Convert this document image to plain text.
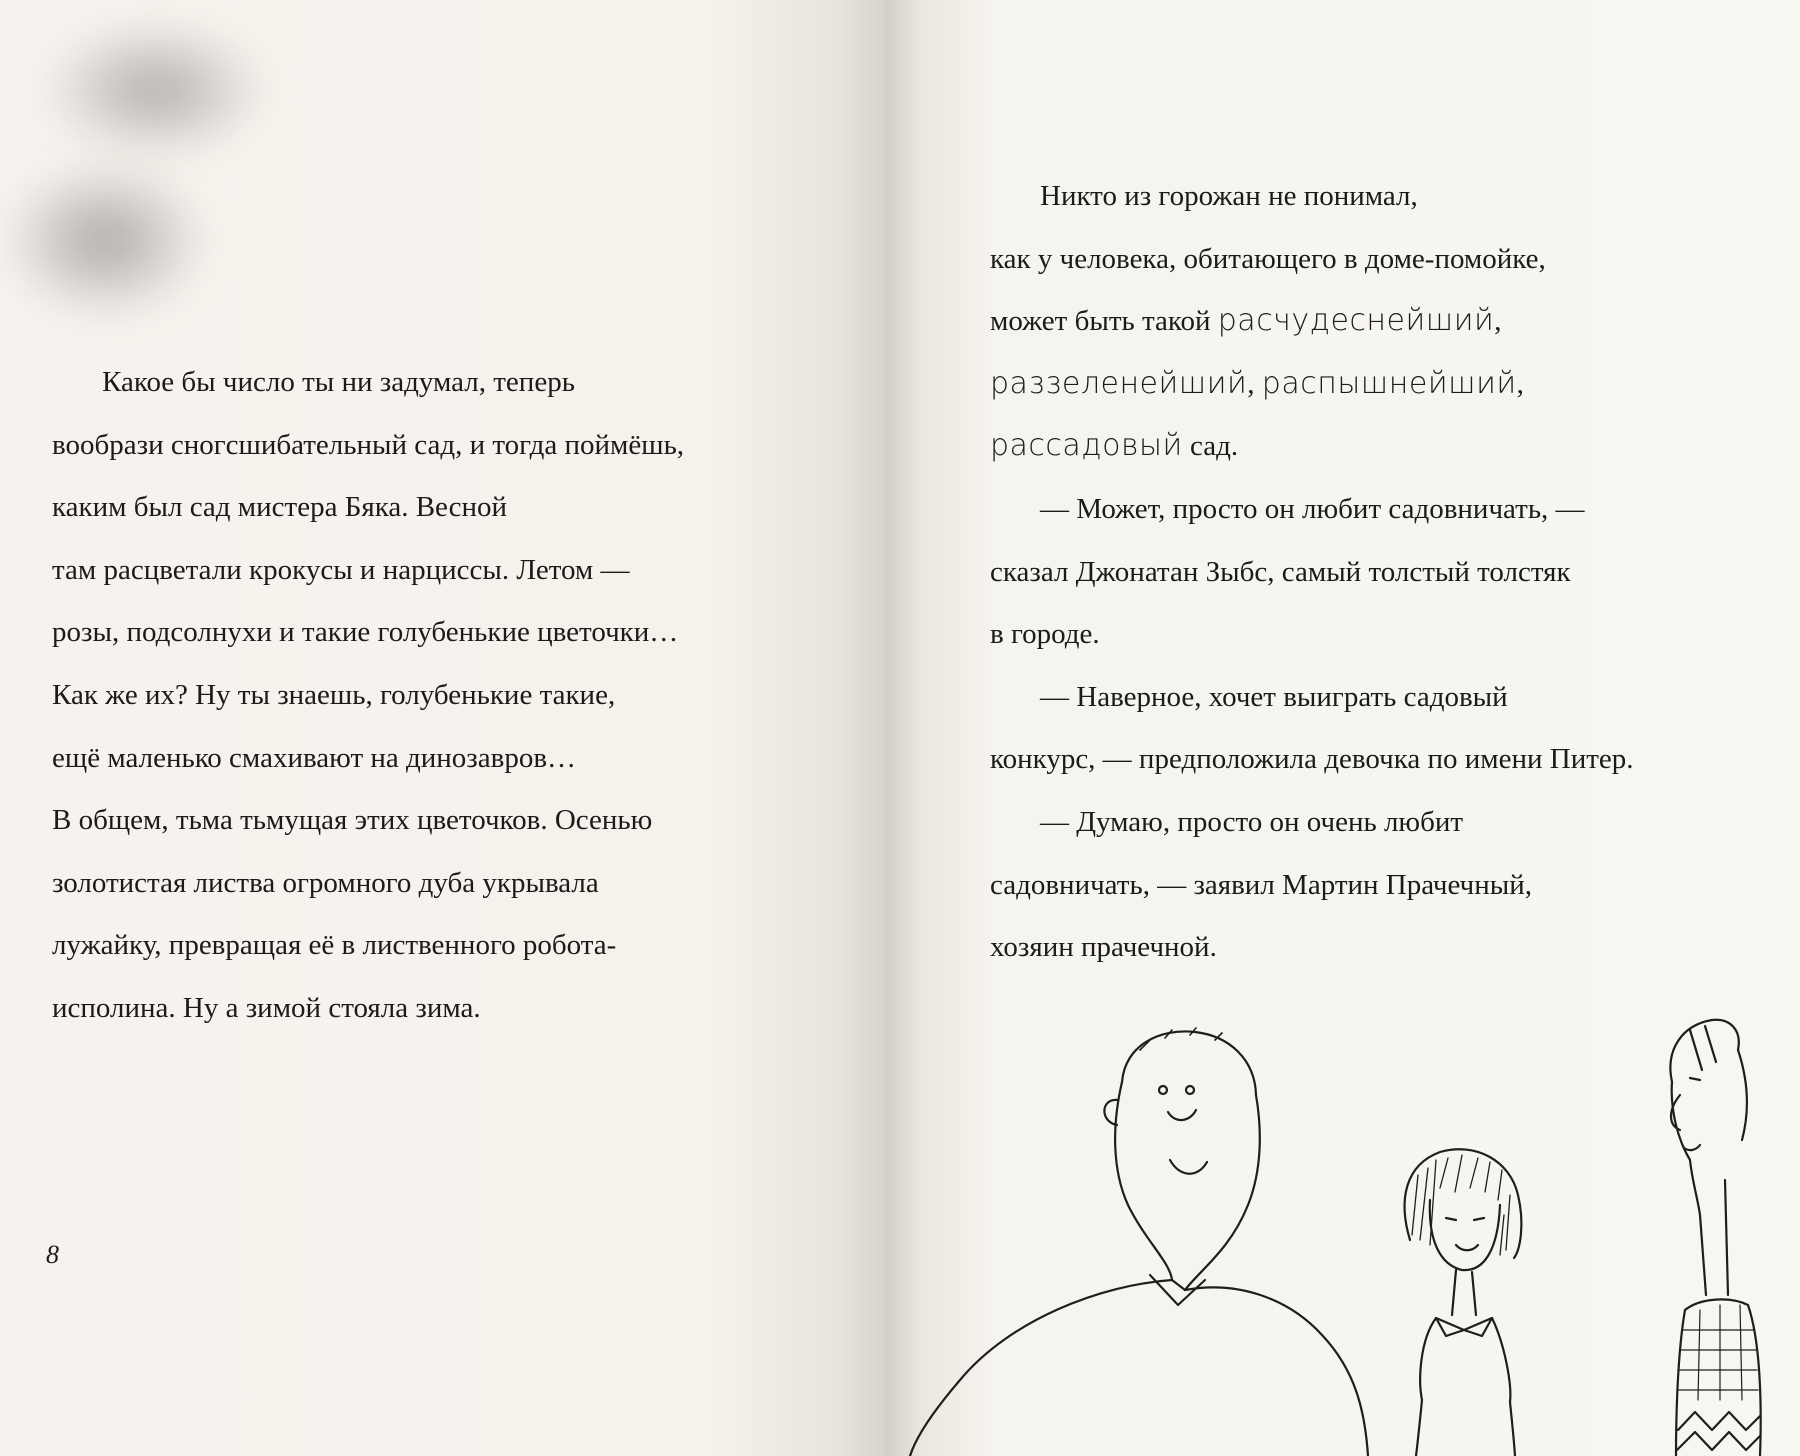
Какое бы число ты ни задумал, теперь
вообрази сногсшибательный сад, и тогда поймёшь,
каким был сад мистера Бяка. Весной
там расцветали крокусы и нарциссы. Летом —
розы, подсолнухи и такие голубенькие цветочки…
Как же их? Ну ты знаешь, голубенькие такие,
ещё маленько смахивают на динозавров…
В общем, тьма тьмущая этих цветочков. Осенью
золотистая листва огромного дуба укрывала
лужайку, превращая её в лиственного робота-
исполина. Ну а зимой стояла зима.
8
Никто из горожан не понимал,
как у человека, обитающего в доме-помойке,
может быть такой расчудеснейший,
раззеленейший, распышнейший,
рассадовый сад.
— Может, просто он любит садовничать, —
сказал Джонатан Зыбс, самый толстый толстяк
в городе.
— Наверное, хочет выиграть садовый
конкурс, — предположила девочка по имени Питер.
— Думаю, просто он очень любит
садовничать, — заявил Мартин Прачечный,
хозяин прачечной.
